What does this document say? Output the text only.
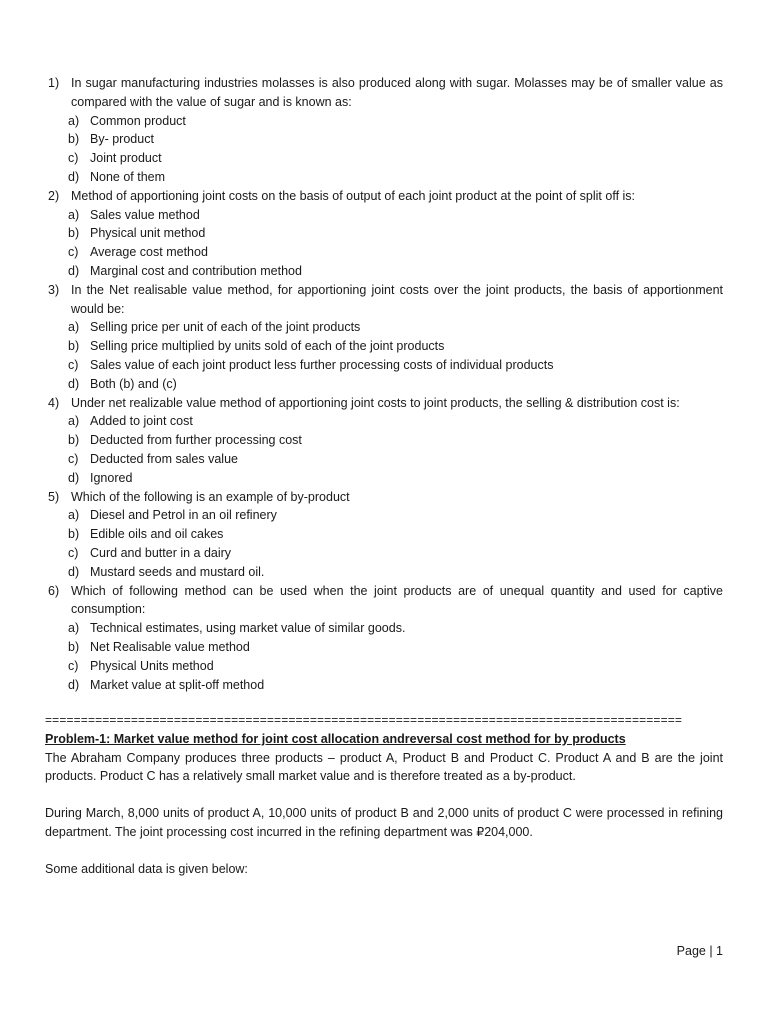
1) In sugar manufacturing industries molasses is also produced along with sugar. Molasses may be of smaller value as compared with the value of sugar and is known as:
a) Common product
b) By- product
c) Joint product
d) None of them
2) Method of apportioning joint costs on the basis of output of each joint product at the point of split off is:
a) Sales value method
b) Physical unit method
c) Average cost method
d) Marginal cost and contribution method
3) In the Net realisable value method, for apportioning joint costs over the joint products, the basis of apportionment would be:
a) Selling price per unit of each of the joint products
b) Selling price multiplied by units sold of each of the joint products
c) Sales value of each joint product less further processing costs of individual products
d) Both (b) and (c)
4) Under net realizable value method of apportioning joint costs to joint products, the selling & distribution cost is:
a) Added to joint cost
b) Deducted from further processing cost
c) Deducted from sales value
d) Ignored
5) Which of the following is an example of by-product
a) Diesel and Petrol in an oil refinery
b) Edible oils and oil cakes
c) Curd and butter in a dairy
d) Mustard seeds and mustard oil.
6) Which of following method can be used when the joint products are of unequal quantity and used for captive consumption:
a) Technical estimates, using market value of similar goods.
b) Net Realisable value method
c) Physical Units method
d) Market value at split-off method
=========================================================================================
Problem-1: Market value method for joint cost allocation andreversal cost method for by products
The Abraham Company produces three products – product A, Product B and Product C. Product A and B are the joint products. Product C has a relatively small market value and is therefore treated as a by-product.
During March, 8,000 units of product A, 10,000 units of product B and 2,000 units of product C were processed in refining department. The joint processing cost incurred in the refining department was ₽204,000.
Some additional data is given below:
Page | 1
